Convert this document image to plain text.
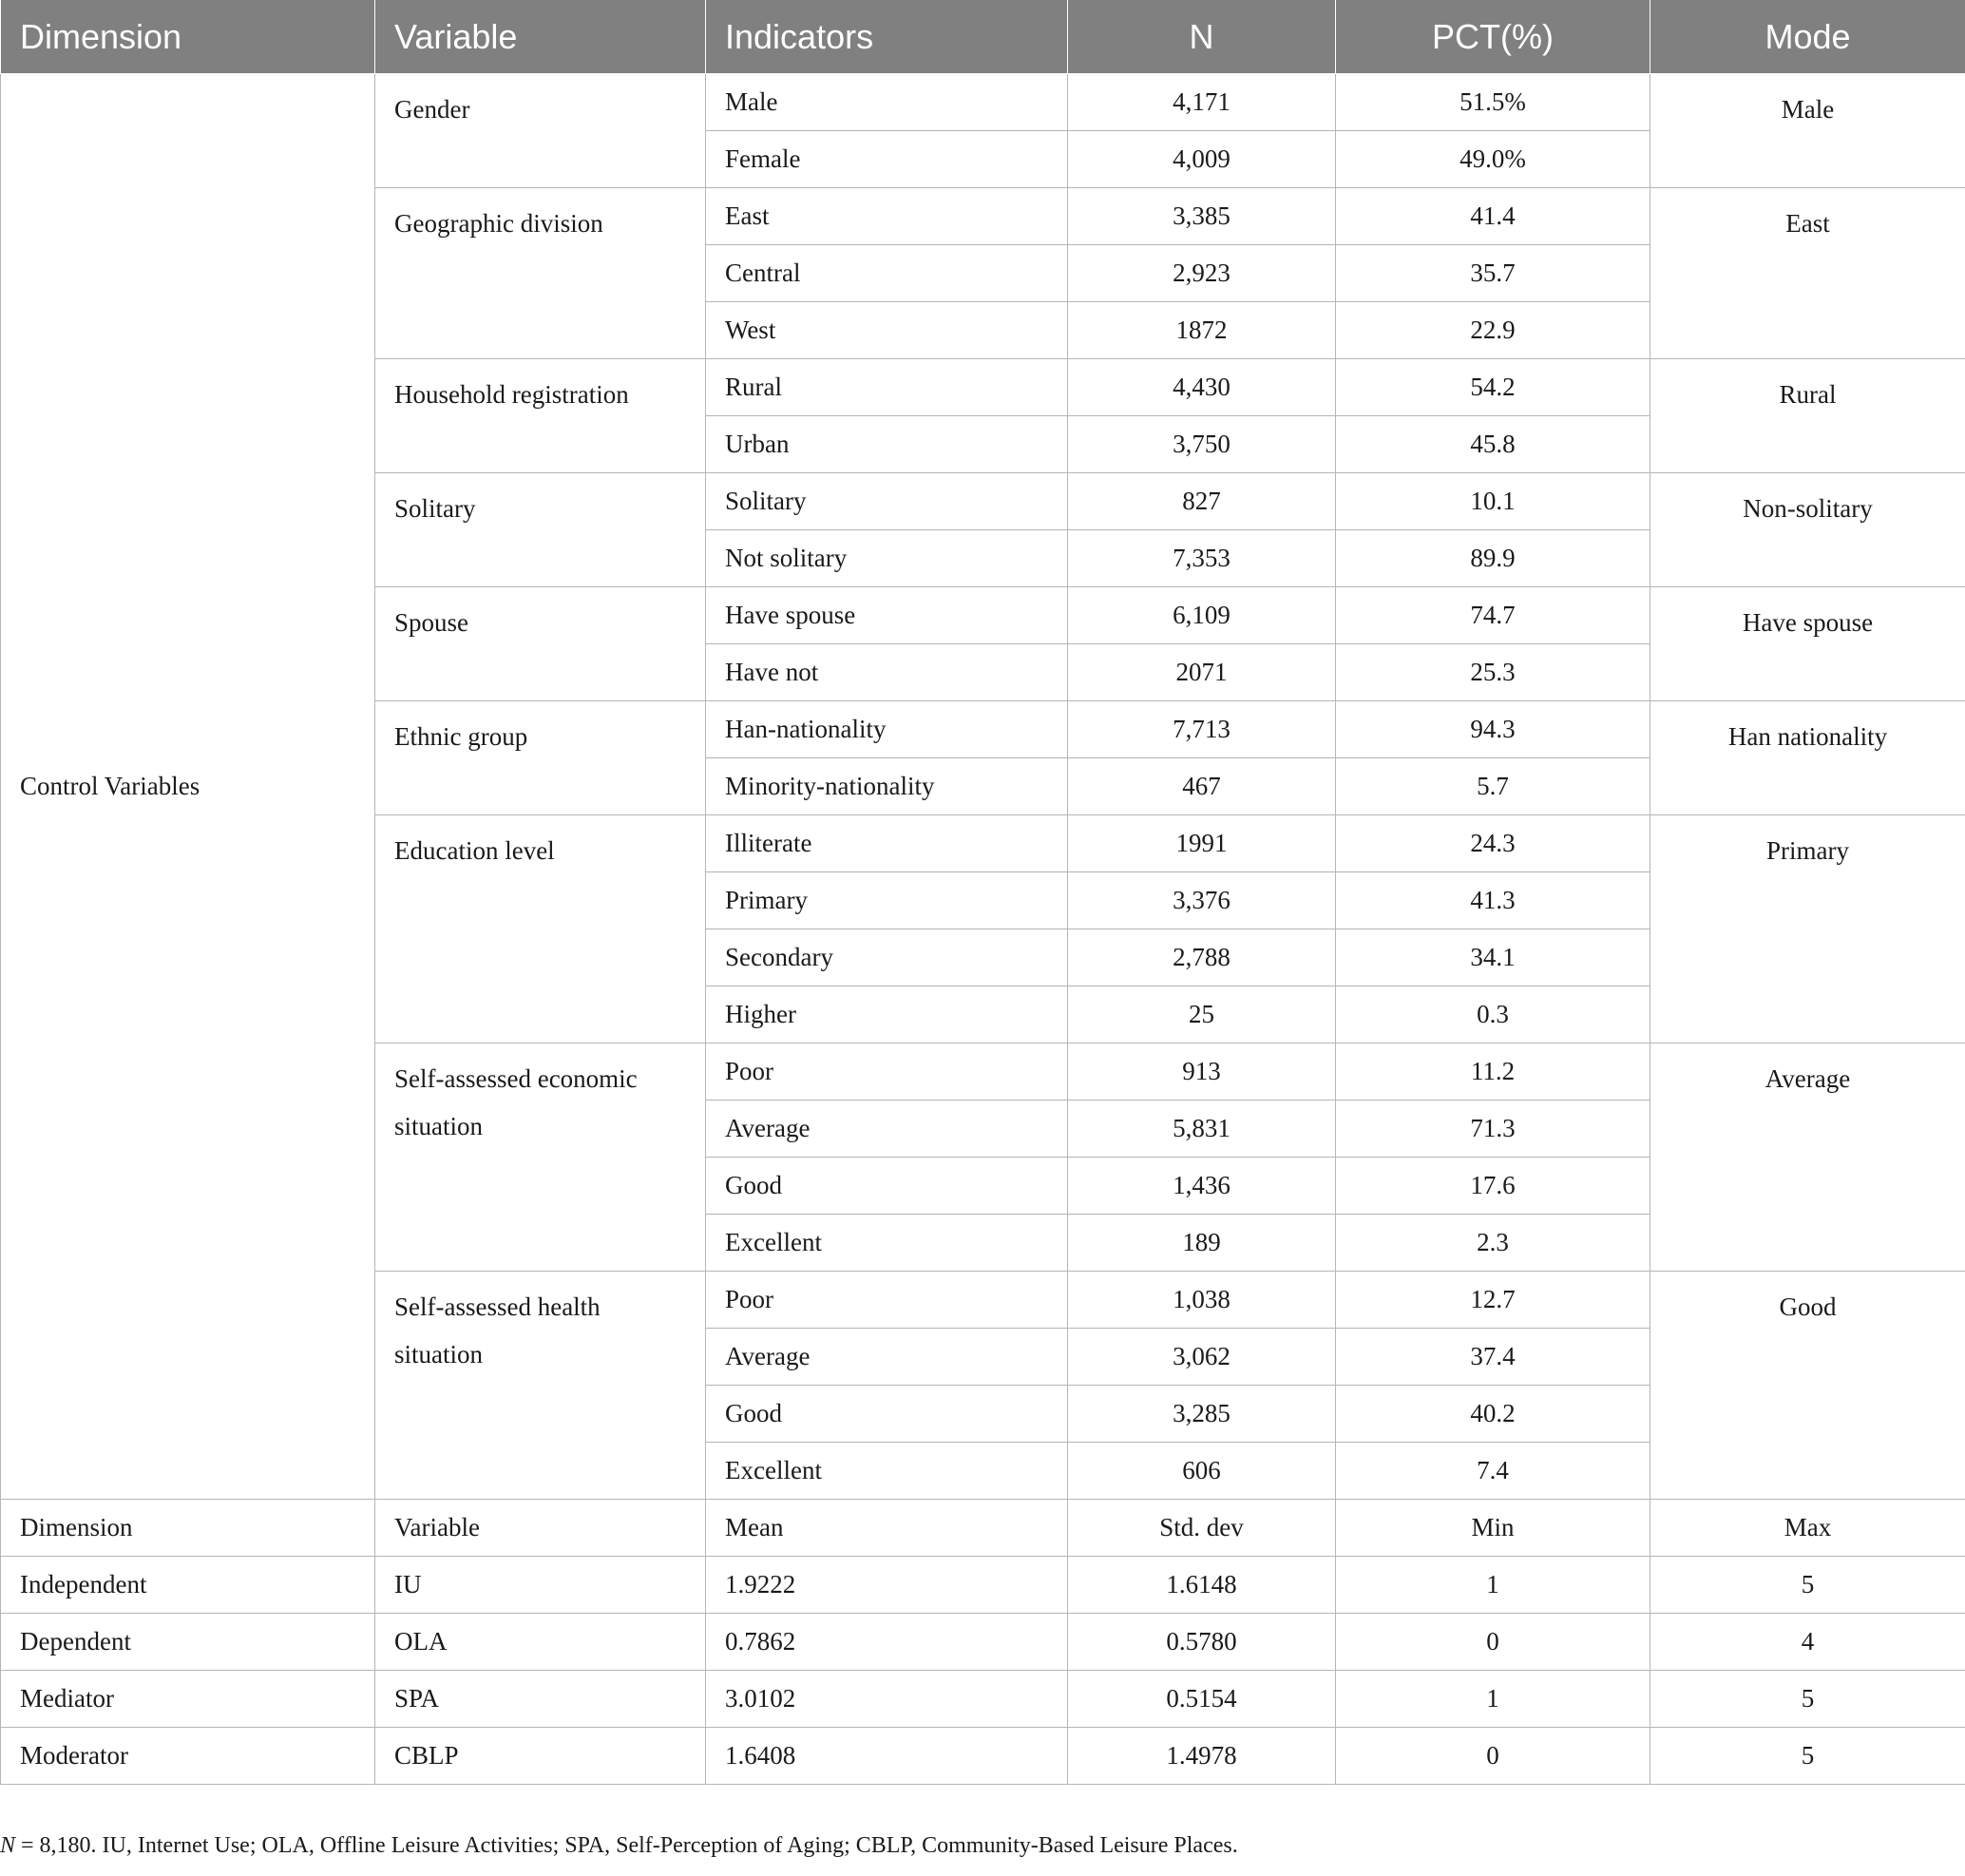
Dimension	Variable	Indicators	N	PCT(%)	Mode
Control Variables	Gender	Male	4,171	51.5%	Male
		Female	4,009	49.0%	
	Geographic division	East	3,385	41.4	East
		Central	2,923	35.7	
		West	1872	22.9	
	Household registration	Rural	4,430	54.2	Rural
		Urban	3,750	45.8	
	Solitary	Solitary	827	10.1	Non-solitary
		Not solitary	7,353	89.9	
	Spouse	Have spouse	6,109	74.7	Have spouse
		Have not	2071	25.3	
	Ethnic group	Han-nationality	7,713	94.3	Han nationality
		Minority-nationality	467	5.7	
	Education level	Illiterate	1991	24.3	Primary
		Primary	3,376	41.3	
		Secondary	2,788	34.1	
		Higher	25	0.3	
	Self-assessed economic situation	Poor	913	11.2	Average
		Average	5,831	71.3	
		Good	1,436	17.6	
		Excellent	189	2.3	
	Self-assessed health situation	Poor	1,038	12.7	Good
		Average	3,062	37.4	
		Good	3,285	40.2	
		Excellent	606	7.4	
Dimension	Variable	Mean	Std. dev	Min	Max
Independent	IU	1.9222	1.6148	1	5
Dependent	OLA	0.7862	0.5780	0	4
Mediator	SPA	3.0102	0.5154	1	5
Moderator	CBLP	1.6408	1.4978	0	5
N = 8,180. IU, Internet Use; OLA, Offline Leisure Activities; SPA, Self-Perception of Aging; CBLP, Community-Based Leisure Places.
